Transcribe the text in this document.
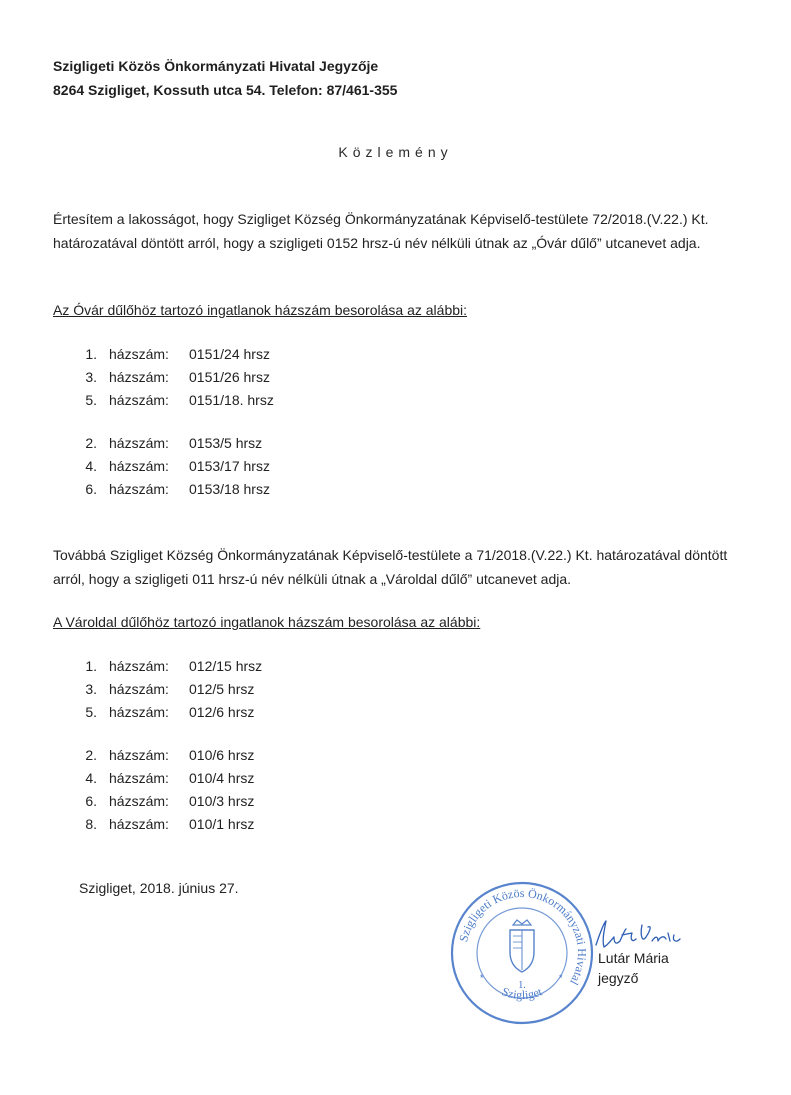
Szigligeti Közös Önkormányzati Hivatal Jegyzője
8264 Szigliget, Kossuth utca 54. Telefon: 87/461-355
Közlemény
Értesítem a lakosságot, hogy Szigliget Község Önkormányzatának Képviselő-testülete 72/2018.(V.22.) Kt. határozatával döntött arról, hogy a szigligeti 0152 hrsz-ú név nélküli útnak az „Óvár dűlő” utcanevet adja.
Az Óvár dűlőhöz tartozó ingatlanok házszám besorolása az alábbi:
1. házszám: 0151/24 hrsz
3. házszám: 0151/26 hrsz
5. házszám: 0151/18. hrsz
2. házszám: 0153/5 hrsz
4. házszám: 0153/17 hrsz
6. házszám: 0153/18 hrsz
Továbbá Szigliget Község Önkormányzatának Képviselő-testülete a 71/2018.(V.22.) Kt. határozatával döntött arról, hogy a szigligeti 011 hrsz-ú név nélküli útnak a „Vároldal dűlő” utcanevet adja.
A Vároldal dűlőhöz tartozó ingatlanok házszám besorolása az alábbi:
1. házszám: 012/15 hrsz
3. házszám: 012/5 hrsz
5. házszám: 012/6 hrsz
2. házszám: 010/6 hrsz
4. házszám: 010/4 hrsz
6. házszám: 010/3 hrsz
8. házszám: 010/1 hrsz
Szigliget, 2018. június 27.
Szigligeti Közös Önkormányzati Hivatal
1.
Szigliget
*	*
Lutár Mária
jegyző
